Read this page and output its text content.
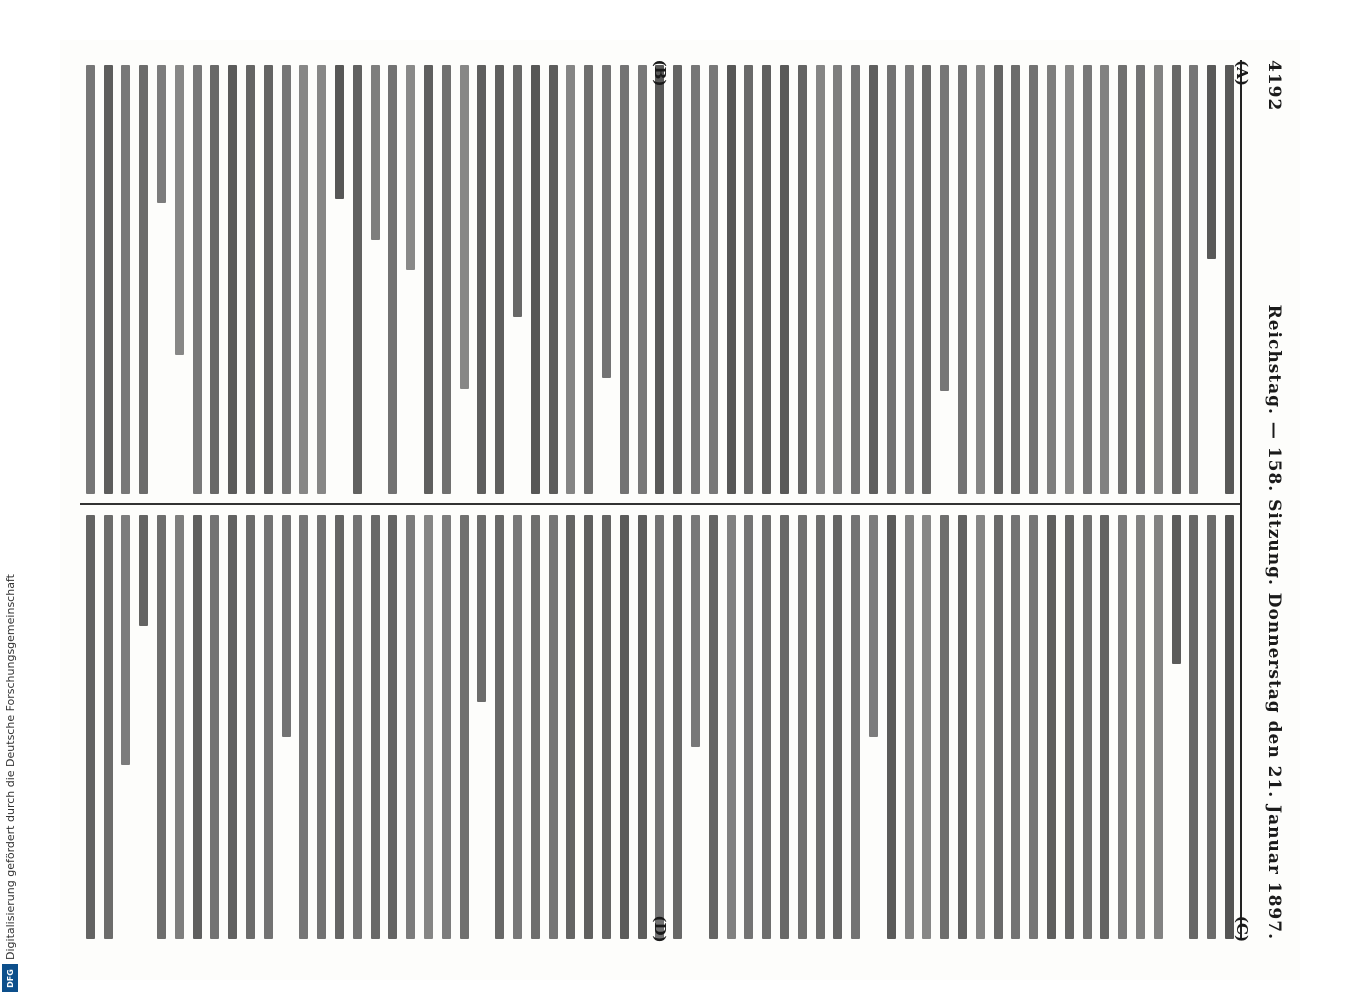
4192
Reichstag. — 158. Sitzung. Donnerstag den 21. Januar 1897.
(A)
(B)
(C)
(D)
Digitalisierung gefördert durch die Deutsche Forschungsgemeinschaft
DFG
